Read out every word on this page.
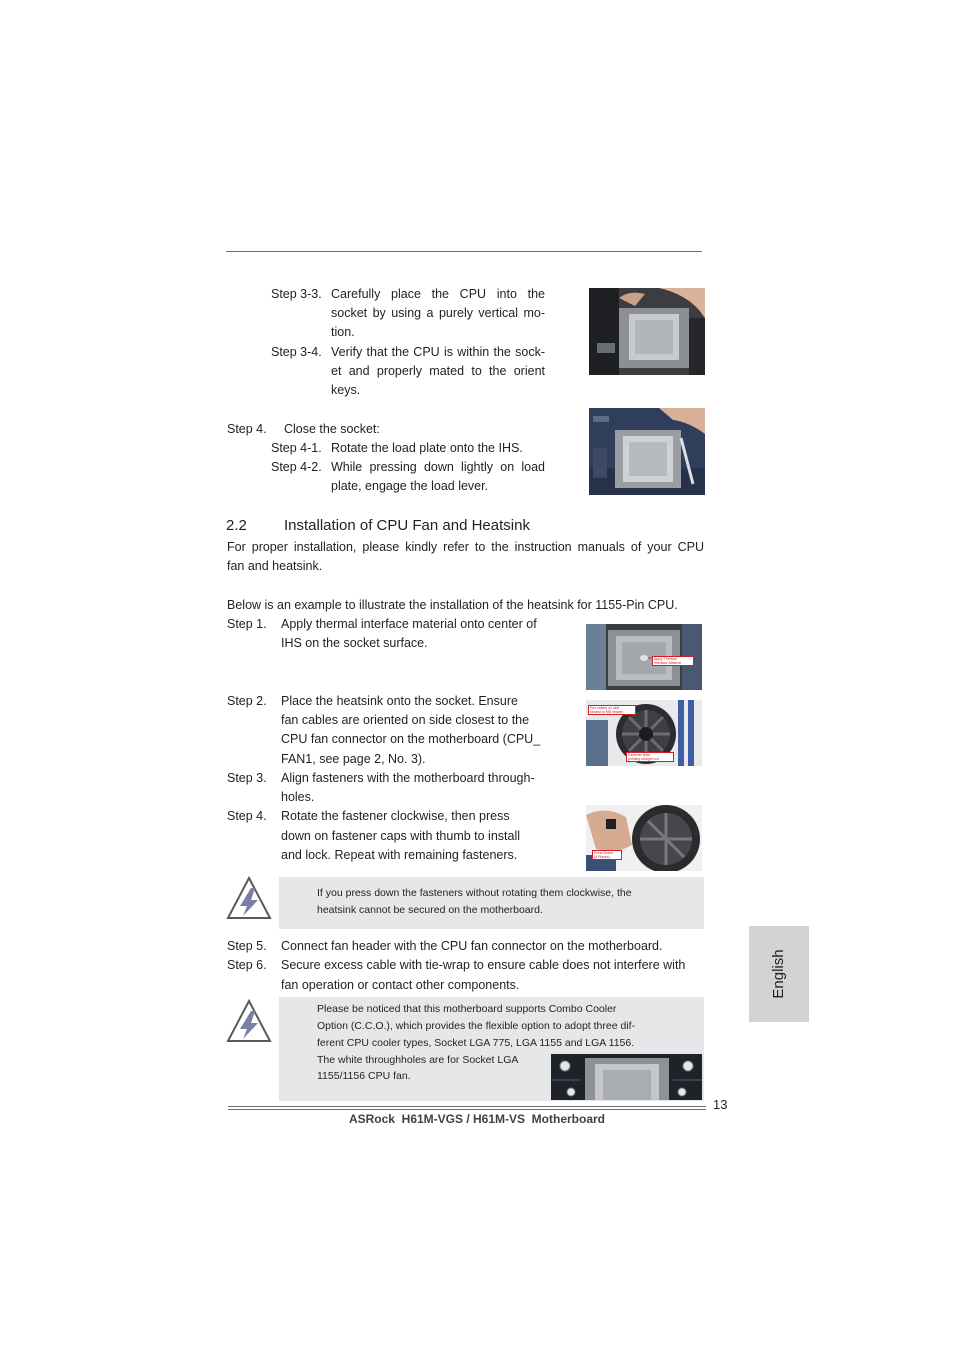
Step 3-3. Carefully place the CPU into the
socket by using a purely vertical mo-
tion.
Step 3-4. Verify that the CPU is within the sock-
et and properly mated to the orient
keys.
Step 4. Close the socket:
Step 4-1. Rotate the load plate onto the IHS.
Step 4-2. While pressing down lightly on load
plate, engage the load lever.
2.2 Installation of CPU Fan and Heatsink
For proper installation, please kindly refer to the instruction manuals of your CPU
fan and heatsink.
Below is an example to illustrate the installation of the heatsink for 1155-Pin CPU.
Step 1. Apply thermal interface material onto center of
IHS on the socket surface.
Apply Thermal
Interface Material
Step 2. Place the heatsink onto the socket. Ensure
fan cables are oriented on side closest to the
CPU fan connector on the motherboard (CPU_
FAN1, see page 2, No. 3).
Fan cables on side
closest to MB header
Fastener slots
pointing straight out
Step 3. Align fasteners with the motherboard through-
holes.
Step 4. Rotate the fastener clockwise, then press
down on fastener caps with thumb to install
and lock. Repeat with remaining fasteners.	Press Down
(4 Places)
If you press down the fasteners without rotating them clockwise, the
heatsink cannot be secured on the motherboard.
Step 5. Connect fan header with the CPU fan connector on the motherboard.
Step 6. Secure excess cable with tie-wrap to ensure cable does not interfere with
fan operation or contact other components.
Please be noticed that this motherboard supports Combo Cooler
Option (C.C.O.), which provides the flexible option to adopt three dif-
ferent CPU cooler types, Socket LGA 775, LGA 1155 and LGA 1156.
The white throughholes are for Socket LGA
1155/1156 CPU fan.
English
13
ASRock  H61M-VGS / H61M-VS  Motherboard
